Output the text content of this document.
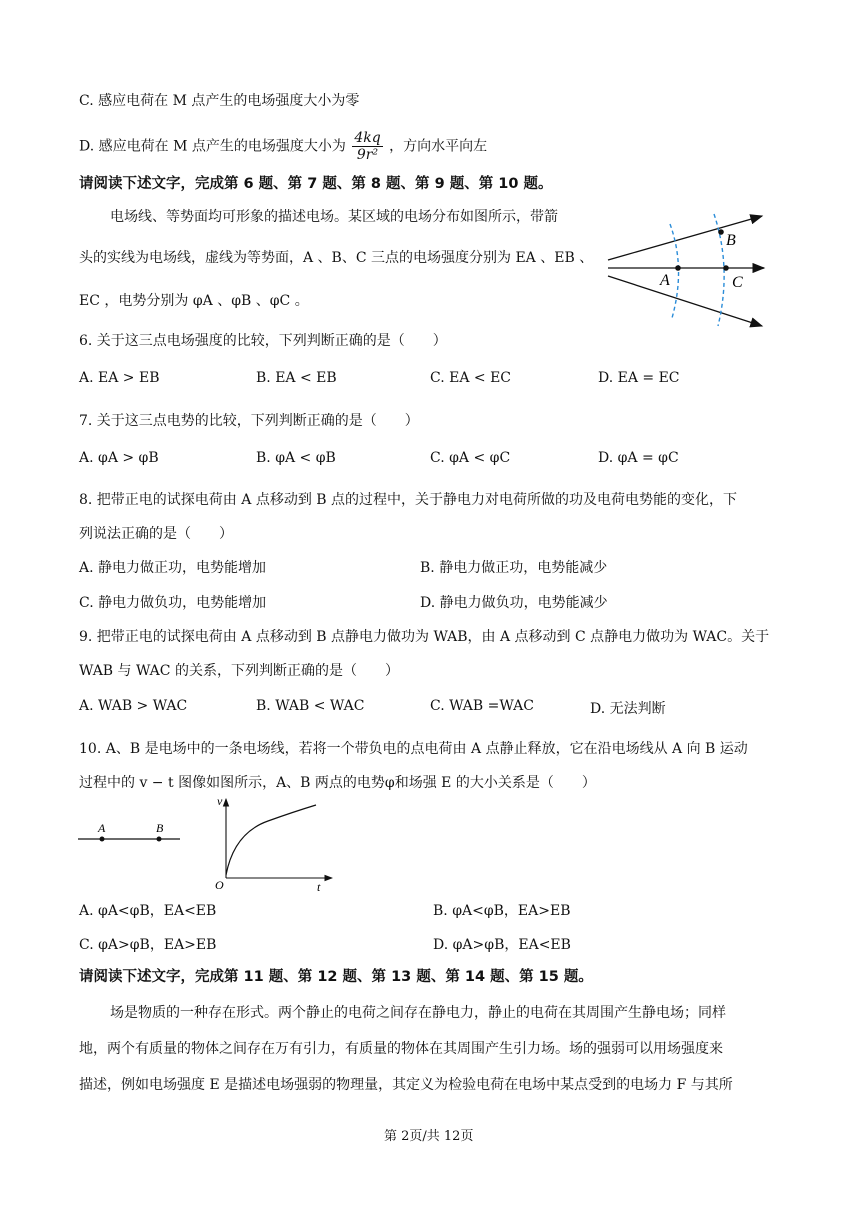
C. 感应电荷在 M 点产生的电场强度大小为零
D. 感应电荷在 M 点产生的电场强度大小为 $\frac{4kq}{\text{9r²}}$ ，方向水平向左
请阅读下述文字，完成第 6 题、第 7 题、第 8 题、第 9 题、第 10 题。
电场线、等势面均可形象的描述电场。某区域的电场分布如图所示，带箭
头的实线为电场线，虚线为等势面，A 、B、C 三点的电场强度分别为 EA 、EB 、
EC ，电势分别为 φA 、φB 、φC 。
A
B
C
6. 关于这三点电场强度的比较，下列判断正确的是（　　）
A. EA > EB	B. EA < EB	C. EA < EC	D. EA = EC
7. 关于这三点电势的比较，下列判断正确的是（　　）
A. φA > φB	B. φA < φB	C. φA < φC	D. φA = φC
8. 把带正电的试探电荷由 A 点移动到 B 点的过程中，关于静电力对电荷所做的功及电荷电势能的变化，下
列说法正确的是（　　）
A. 静电力做正功，电势能增加	B. 静电力做正功，电势能减少
C. 静电力做负功，电势能增加	D. 静电力做负功，电势能减少
9. 把带正电的试探电荷由 A 点移动到 B 点静电力做功为 WAB，由 A 点移动到 C 点静电力做功为 WAC。关于
WAB 与 WAC 的关系，下列判断正确的是（　　）
A. WAB > WAC	B. WAB < WAC	C. WAB =WAC	D. 无法判断
10. A、B 是电场中的一条电场线，若将一个带负电的点电荷由 A 点静止释放，它在沿电场线从 A 向 B 运动
过程中的 v − t 图像如图所示，A、B 两点的电势φ和场强 E 的大小关系是（　　）
A	B
v
O	t
A. φA<φB，EA<EB	B. φA<φB，EA>EB
C. φA>φB，EA>EB	D. φA>φB，EA<EB
请阅读下述文字，完成第 11 题、第 12 题、第 13 题、第 14 题、第 15 题。
场是物质的一种存在形式。两个静止的电荷之间存在静电力，静止的电荷在其周围产生静电场；同样
地，两个有质量的物体之间存在万有引力，有质量的物体在其周围产生引力场。场的强弱可以用场强度来
描述，例如电场强度 E 是描述电场强弱的物理量，其定义为检验电荷在电场中某点受到的电场力 F 与其所
第 2页/共 12页
